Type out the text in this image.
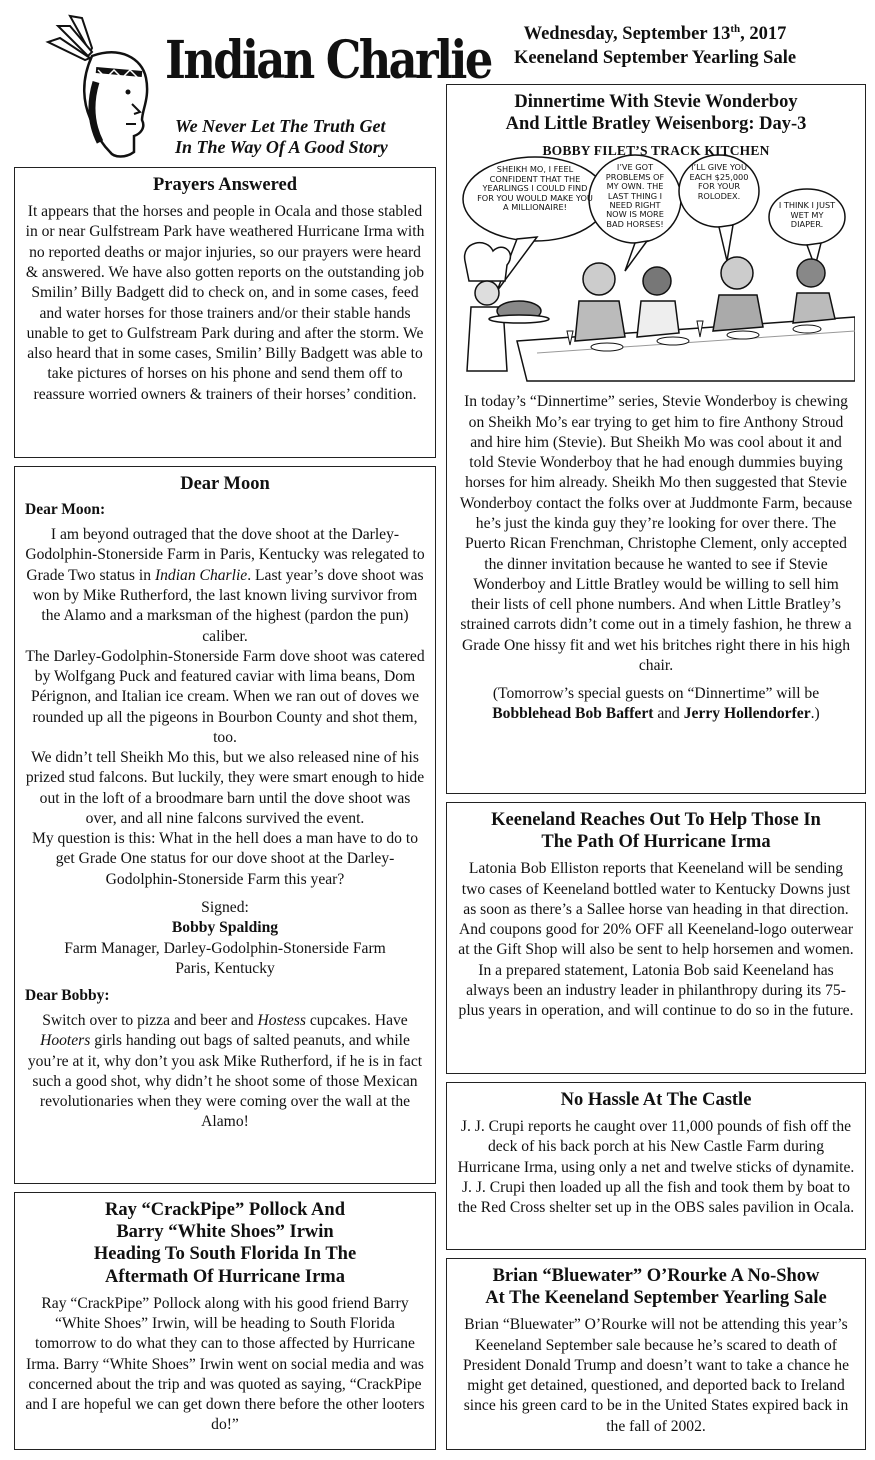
Indian Charlie
We Never Let The Truth Get
In The Way Of A Good Story
Wednesday, September 13th, 2017
Keeneland September Yearling Sale
Prayers Answered

It appears that the horses and people in Ocala and those stabled in or near Gulfstream Park have weathered Hurricane Irma with no reported deaths or major injuries, so our prayers were heard & answered. We have also gotten reports on the outstanding job Smilin’ Billy Badgett did to check on, and in some cases, feed and water horses for those trainers and/or their stable hands unable to get to Gulfstream Park during and after the storm. We also heard that in some cases, Smilin’ Billy Badgett was able to take pictures of horses on his phone and send them off to reassure worried owners & trainers of their horses’ condition.

Dear Moon
Dear Moon:

I am beyond outraged that the dove shoot at the Darley-Godolphin-Stonerside Farm in Paris, Kentucky was relegated to Grade Two status in Indian Charlie. Last year’s dove shoot was won by Mike Rutherford, the last known living survivor from the Alamo and a marksman of the highest (pardon the pun) caliber.

The Darley-Godolphin-Stonerside Farm dove shoot was catered by Wolfgang Puck and featured caviar with lima beans, Dom Pérignon, and Italian ice cream. When we ran out of doves we rounded up all the pigeons in Bourbon County and shot them, too.

We didn’t tell Sheikh Mo this, but we also released nine of his prized stud falcons. But luckily, they were smart enough to hide out in the loft of a broodmare barn until the dove shoot was over, and all nine falcons survived the event.

My question is this: What in the hell does a man have to do to get Grade One status for our dove shoot at the Darley-Godolphin-Stonerside Farm this year?

Signed:

Bobby Spalding

Farm Manager, Darley-Godolphin-Stonerside Farm

Paris, Kentucky

Dear Bobby:

Switch over to pizza and beer and Hostess cupcakes. Have Hooters girls handing out bags of salted peanuts, and while you’re at it, why don’t you ask Mike Rutherford, if he is in fact such a good shot, why didn’t he shoot some of those Mexican revolutionaries when they were coming over the wall at the Alamo!

Ray “CrackPipe” Pollock And
Barry “White Shoes” Irwin
Heading To South Florida In The
Aftermath Of Hurricane Irma

Ray “CrackPipe” Pollock along with his good friend Barry “White Shoes” Irwin, will be heading to South Florida tomorrow to do what they can to those affected by Hurricane Irma. Barry “White Shoes” Irwin went on social media and was concerned about the trip and was quoted as saying, “CrackPipe and I are hopeful we can get down there before the other looters do!”

Dinnertime With Stevie Wonderboy
And Little Bratley Weisenborg: Day-3
BOBBY FILET’S TRACK KITCHEN
SHEIKH MO, I FEEL CONFIDENT THAT THE YEARLINGS I COULD FIND FOR YOU WOULD MAKE YOU A MILLIONAIRE!
I’VE GOT PROBLEMS OF MY OWN. THE LAST THING I NEED RIGHT NOW IS MORE BAD HORSES!
I’LL GIVE YOU EACH $25,000 FOR YOUR ROLODEX.
I THINK I JUST WET MY DIAPER.

In today’s “Dinnertime” series, Stevie Wonderboy is chewing on Sheikh Mo’s ear trying to get him to fire Anthony Stroud and hire him (Stevie). But Sheikh Mo was cool about it and told Stevie Wonderboy that he had enough dummies buying horses for him already. Sheikh Mo then suggested that Stevie Wonderboy contact the folks over at Juddmonte Farm, because he’s just the kinda guy they’re looking for over there. The Puerto Rican Frenchman, Christophe Clement, only accepted the dinner invitation because he wanted to see if Stevie Wonderboy and Little Bratley would be willing to sell him their lists of cell phone numbers. And when Little Bratley’s strained carrots didn’t come out in a timely fashion, he threw a Grade One hissy fit and wet his britches right there in his high chair.

(Tomorrow’s special guests on “Dinnertime” will be Bobblehead Bob Baffert and Jerry Hollendorfer.)

Keeneland Reaches Out To Help Those In
The Path Of Hurricane Irma

Latonia Bob Elliston reports that Keeneland will be sending two cases of Keeneland bottled water to Kentucky Downs just as soon as there’s a Sallee horse van heading in that direction. And coupons good for 20% OFF all Keeneland-logo outerwear at the Gift Shop will also be sent to help horsemen and women. In a prepared statement, Latonia Bob said Keeneland has always been an industry leader in philanthropy during its 75-plus years in operation, and will continue to do so in the future.

No Hassle At The Castle

J. J. Crupi reports he caught over 11,000 pounds of fish off the deck of his back porch at his New Castle Farm during Hurricane Irma, using only a net and twelve sticks of dynamite. J. J. Crupi then loaded up all the fish and took them by boat to the Red Cross shelter set up in the OBS sales pavilion in Ocala.

Brian “Bluewater” O’Rourke A No-Show
At The Keeneland September Yearling Sale

Brian “Bluewater” O’Rourke will not be attending this year’s Keeneland September sale because he’s scared to death of President Donald Trump and doesn’t want to take a chance he might get detained, questioned, and deported back to Ireland since his green card to be in the United States expired back in the fall of 2002.
